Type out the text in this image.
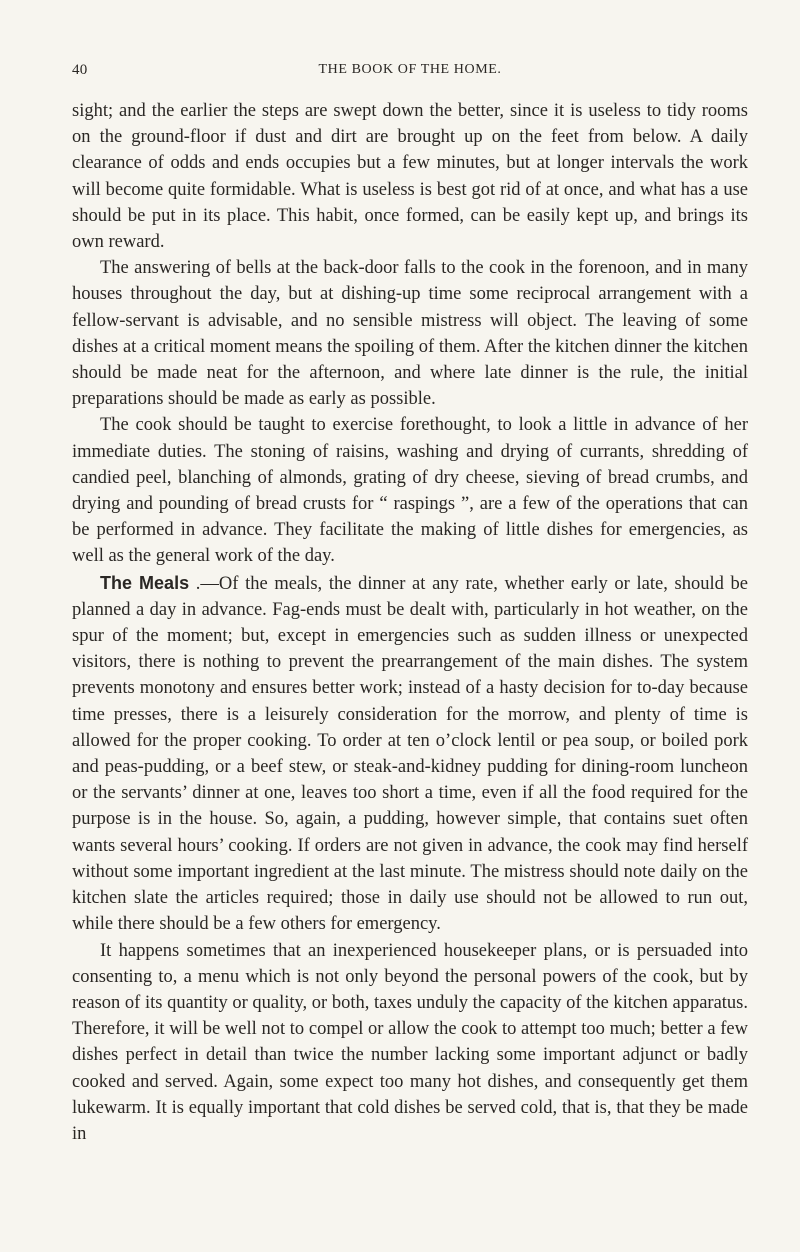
40	THE BOOK OF THE HOME.

sight; and the earlier the steps are swept down the better, since it is useless to tidy rooms on the ground-floor if dust and dirt are brought up on the feet from below. A daily clearance of odds and ends occupies but a few minutes, but at longer intervals the work will become quite formidable. What is useless is best got rid of at once, and what has a use should be put in its place. This habit, once formed, can be easily kept up, and brings its own reward.

The answering of bells at the back-door falls to the cook in the forenoon, and in many houses throughout the day, but at dishing-up time some reciprocal arrangement with a fellow-servant is advisable, and no sensible mistress will object. The leaving of some dishes at a critical moment means the spoiling of them. After the kitchen dinner the kitchen should be made neat for the afternoon, and where late dinner is the rule, the initial preparations should be made as early as possible.

The cook should be taught to exercise forethought, to look a little in advance of her immediate duties. The stoning of raisins, washing and drying of currants, shredding of candied peel, blanching of almonds, grating of dry cheese, sieving of bread crumbs, and drying and pounding of bread crusts for “ raspings ”, are a few of the operations that can be performed in advance. They facilitate the making of little dishes for emergencies, as well as the general work of the day.

The Meals .—Of the meals, the dinner at any rate, whether early or late, should be planned a day in advance. Fag-ends must be dealt with, particularly in hot weather, on the spur of the moment; but, except in emergencies such as sudden illness or unexpected visitors, there is nothing to prevent the prearrangement of the main dishes. The system prevents monotony and ensures better work; instead of a hasty decision for to-day because time presses, there is a leisurely consideration for the morrow, and plenty of time is allowed for the proper cooking. To order at ten o’clock lentil or pea soup, or boiled pork and peas-pudding, or a beef stew, or steak-and-kidney pudding for dining-room luncheon or the servants’ dinner at one, leaves too short a time, even if all the food required for the purpose is in the house. So, again, a pudding, however simple, that contains suet often wants several hours’ cooking. If orders are not given in advance, the cook may find herself without some important ingredient at the last minute. The mistress should note daily on the kitchen slate the articles required; those in daily use should not be allowed to run out, while there should be a few others for emergency.

It happens sometimes that an inexperienced housekeeper plans, or is persuaded into consenting to, a menu which is not only beyond the personal powers of the cook, but by reason of its quantity or quality, or both, taxes unduly the capacity of the kitchen apparatus. Therefore, it will be well not to compel or allow the cook to attempt too much; better a few dishes perfect in detail than twice the number lacking some important adjunct or badly cooked and served. Again, some expect too many hot dishes, and consequently get them lukewarm. It is equally important that cold dishes be served cold, that is, that they be made in
